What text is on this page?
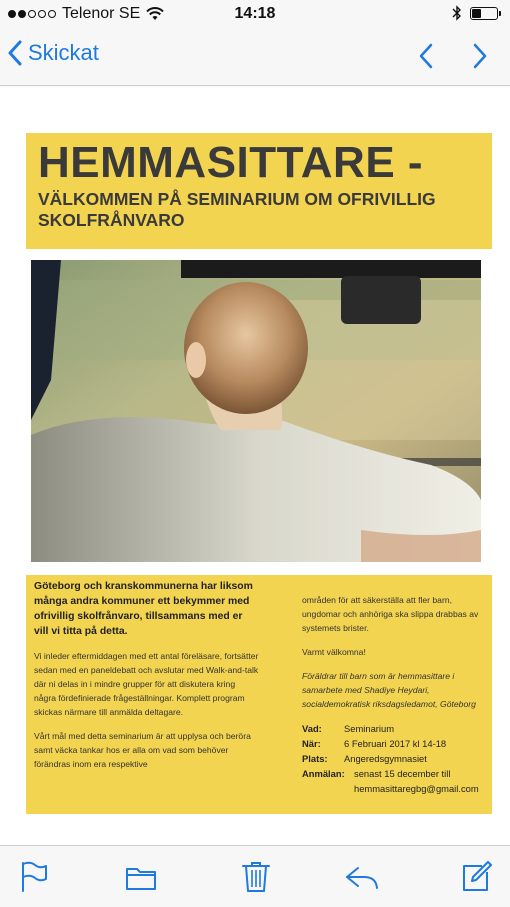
Telenor SE	14:18
Skickat
HEMMASITTARE -
VÄLKOMMEN PÅ SEMINARIUM OM OFRIVILLIG SKOLFRÅNVARO

Göteborg och kranskommunerna har liksom många andra kommuner ett bekymmer med ofrivillig skolfrånvaro, tillsammans med er vill vi titta på detta.

Vi inleder eftermiddagen med ett antal föreläsare, fortsätter sedan med en paneldebatt och avslutar med Walk-and-talk där ni delas in i mindre grupper för att diskutera kring några fördefinierade frågeställningar. Komplett program skickas närmare till anmälda deltagare.

Vårt mål med detta seminarium är att upplysa och beröra samt väcka tankar hos er alla om vad som behöver förändras inom era respektive

områden för att säkerställa att fler barn, ungdomar och anhöriga ska slippa drabbas av systemets brister.

Varmt välkomna!

Föräldrar till barn som är hemmasittare i samarbete med Shadiye Heydari, socialdemokratisk riksdagsledamot, Göteborg

Vad:	Seminarium
När:	6 Februari 2017 kl 14-18
Plats:	Angeredsgymnasiet
Anmälan: senast 15 december till hemmasittaregbg@gmail.com
